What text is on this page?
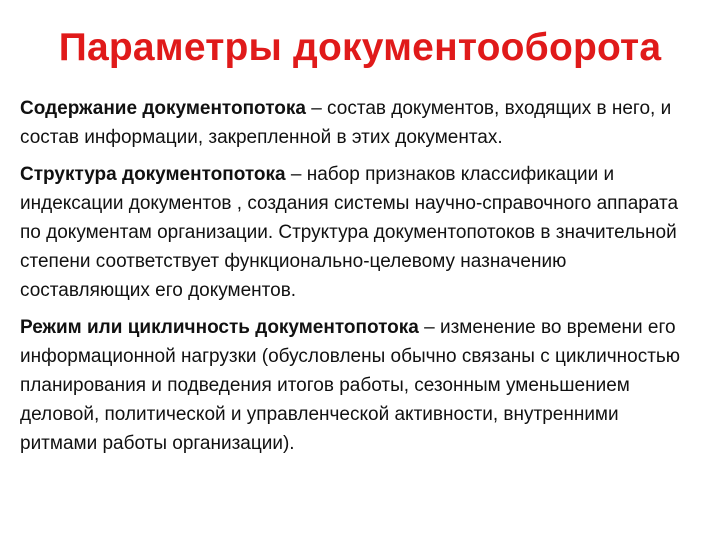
Параметры документооборота

Содержание документопотока – состав документов, входящих в него, и состав информации, закрепленной в этих документах.

Структура документопотока – набор признаков классификации и индексации документов , создания системы научно-справочного аппарата по документам организации. Структура документопотоков в значительной степени соответствует функционально-целевому назначению составляющих его документов.

Режим или цикличность документопотока – изменение во времени его информационной нагрузки (обусловлены обычно связаны с цикличностью планирования и подведения итогов работы, сезонным уменьшением деловой, политической и управленческой активности, внутренними ритмами работы организации).
